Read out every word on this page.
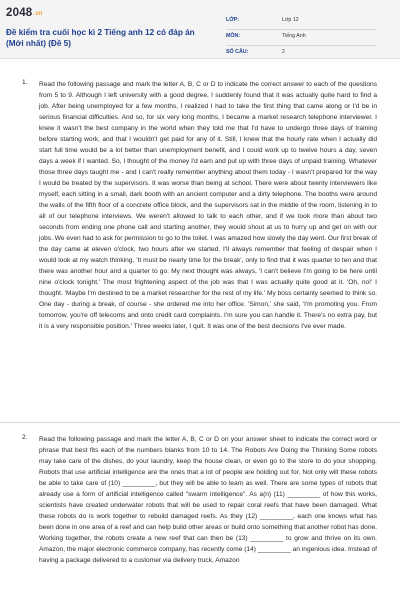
2048.vn
Đề kiểm tra cuối học kì 2 Tiếng anh 12 có đáp án (Mới nhất) (Đề 5)
LỚP:	Lớp 12
MÔN:	Tiếng Anh
SỐ CÂU:	2
1. Read the following passage and mark the letter A, B, C or D to indicate the correct answer to each of the questions from 5 to 9. Although I left university with a good degree, I suddenly found that it was actually quite hard to find a job. After being unemployed for a few months, I realized I had to take the first thing that came along or I'd be in serious financial difficulties. And so, for six very long months, I became a market research telephone interviewer. I knew it wasn't the best company in the world when they told me that I'd have to undergo three days of training before starting work, and that I wouldn't get paid for any of it. Still, I knew that the hourly rate when I actually did start full time would be a lot better than unemployment benefit, and I could work up to twelve hours a day, seven days a week if I wanted. So, I thought of the money I'd earn and put up with three days of unpaid training. Whatever those three days taught me - and I can't really remember anything about them today - I wasn't prepared for the way I would be treated by the supervisors. It was worse than being at school. There were about twenty interviewers like myself, each sitting in a small, dark booth with an ancient computer and a dirty telephone. The booths were around the walls of the fifth floor of a concrete office block, and the supervisors sat in the middle of the room, listening in to all of our telephone interviews. We weren't allowed to talk to each other, and if we took more than about two seconds from ending one phone call and starting another, they would shout at us to hurry up and get on with our jobs. We even had to ask for permission to go to the toilet. I was amazed how slowly the day went. Our first break of the day came at eleven o'clock, two hours after we started. I'll always remember that feeling of despair when I would look at my watch thinking, 'It must be nearly time for the break', only to find that it was quarter to ten and that there was another hour and a quarter to go. My next thought was always, 'I can't believe I'm going to be here until nine o'clock tonight.' The most frightening aspect of the job was that I was actually quite good at it. 'Oh, no!' I thought. 'Maybe I'm destined to be a market researcher for the rest of my life.' My boss certainly seemed to think so. One day - during a break, of course - she ordered me into her office. 'Simon,' she said, 'I'm promoting you. From tomorrow, you're off telecoms and onto credit card complaints. I'm sure you can handle it. There's no extra pay, but it is a very responsible position.' Three weeks later, I quit. It was one of the best decisions I've ever made.
2. Read the following passage and mark the letter A, B, C or D on your answer sheet to indicate the correct word or phrase that best fits each of the numbers blanks from 10 to 14. The Robots Are Doing the Thinking Some robots may take care of the dishes, do your laundry, keep the house clean, or even go to the store to do your shopping. Robots that use artificial intelligence are the ones that a lot of people are holding out for. Not only will these robots be able to take care of (10) _________, but they will be able to learn as well. There are some types of robots that already use a form of artificial intelligence called "swarm intelligence". As a(n) (11) _________ of how this works, scientists have created underwater robots that will be used to repair coral reefs that have been damaged. What these robots do is work together to rebuild damaged reefs. As they (12) _________, each one knows what has been done in one area of a reef and can help build other areas or build onto something that another robot has done. Working together, the robots create a new reef that can then be (13) _________ to grow and thrive on its own. Amazon, the major electronic commerce company, has recently come (14) _________ an ingenious idea. Instead of having a package delivered to a customer via delivery truck, Amazon
